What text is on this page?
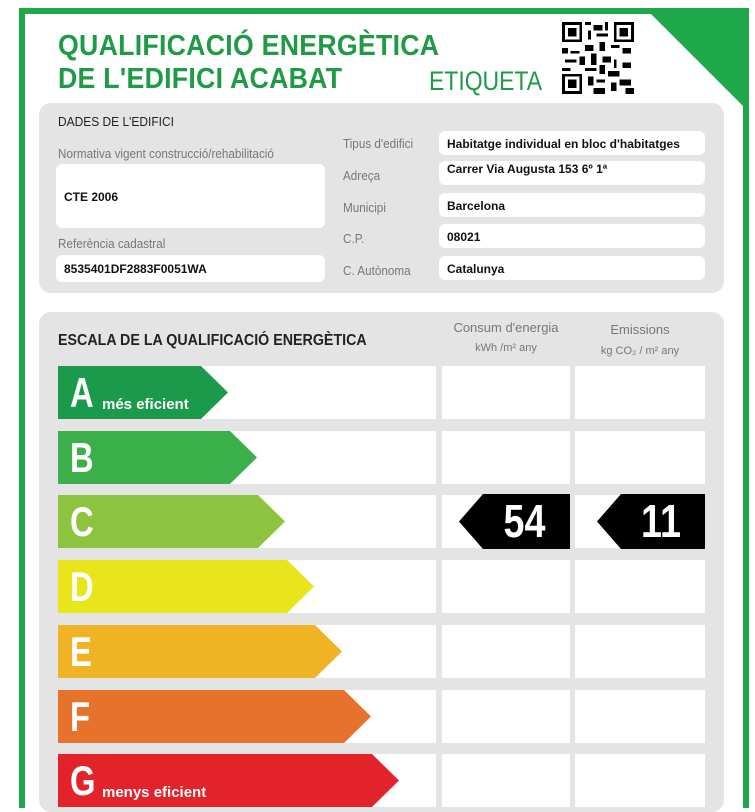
QUALIFICACIÓ ENERGÈTICA
DE L'EDIFICI ACABAT	ETIQUETA
DADES DE L'EDIFICI
Normativa vigent construcció/rehabilitació
CTE 2006
Referència cadastral
8535401DF2883F0051WA
Tipus d'edifici	Habitatge individual en bloc d'habitatges
Adreça	Carrer Via Augusta 153 6º 1ª
Municipi	Barcelona
C.P.	08021
C. Autònoma	Catalunya
ESCALA DE LA QUALIFICACIÓ ENERGÈTICA
Consum d'energia
kWh /m² any
Emissions
kg CO₂ / m² any
A més eficient
B
C	54	11
D
E
F
G menys eficient
